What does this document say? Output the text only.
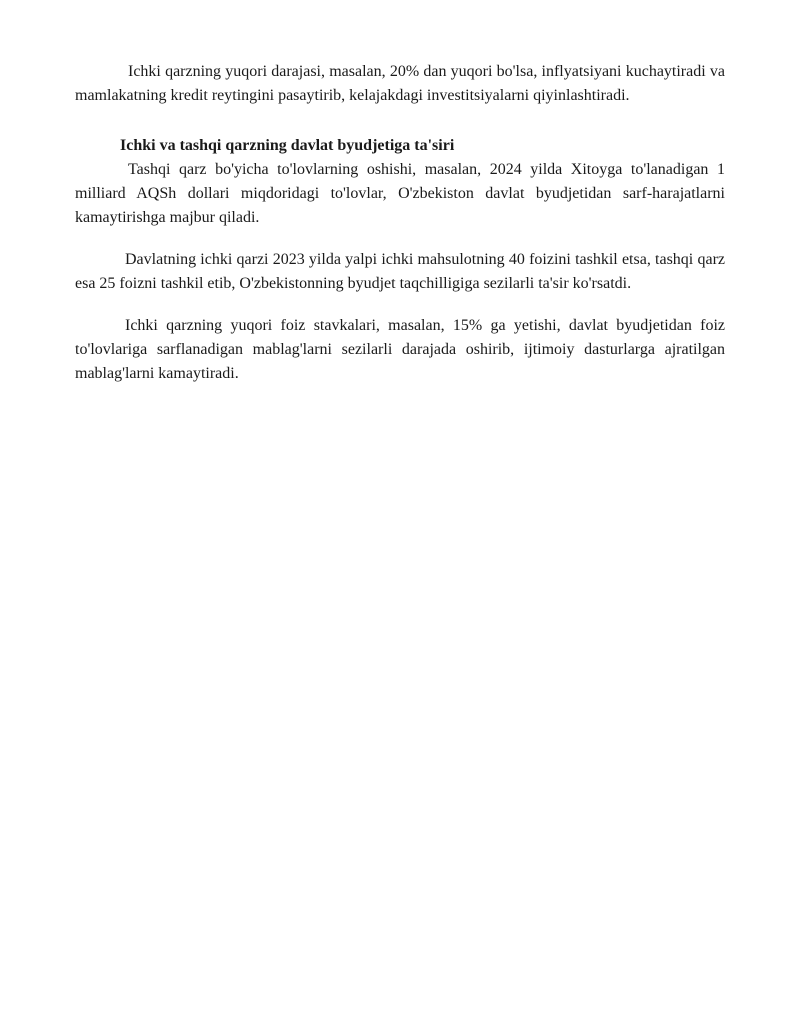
Ichki qarzning yuqori darajasi, masalan, 20% dan yuqori bo'lsa, inflyatsiyani kuchaytiradi va mamlakatning kredit reytingini pasaytirib, kelajakdagi investitsiyalarni qiyinlashtiradi.

Ichki va tashqi qarzning davlat byudjetiga ta'siri

Tashqi qarz bo'yicha to'lovlarning oshishi, masalan, 2024 yilda Xitoyga to'lanadigan 1 milliard AQSh dollari miqdoridagi to'lovlar, O'zbekiston davlat byudjetidan sarf-harajatlarni kamaytirishga majbur qiladi.

Davlatning ichki qarzi 2023 yilda yalpi ichki mahsulotning 40 foizini tashkil etsa, tashqi qarz esa 25 foizni tashkil etib, O'zbekistonning byudjet taqchilligiga sezilarli ta'sir ko'rsatdi.

Ichki qarzning yuqori foiz stavkalari, masalan, 15% ga yetishi, davlat byudjetidan foiz to'lovlariga sarflanadigan mablag'larni sezilarli darajada oshirib, ijtimoiy dasturlarga ajratilgan mablag'larni kamaytiradi.
